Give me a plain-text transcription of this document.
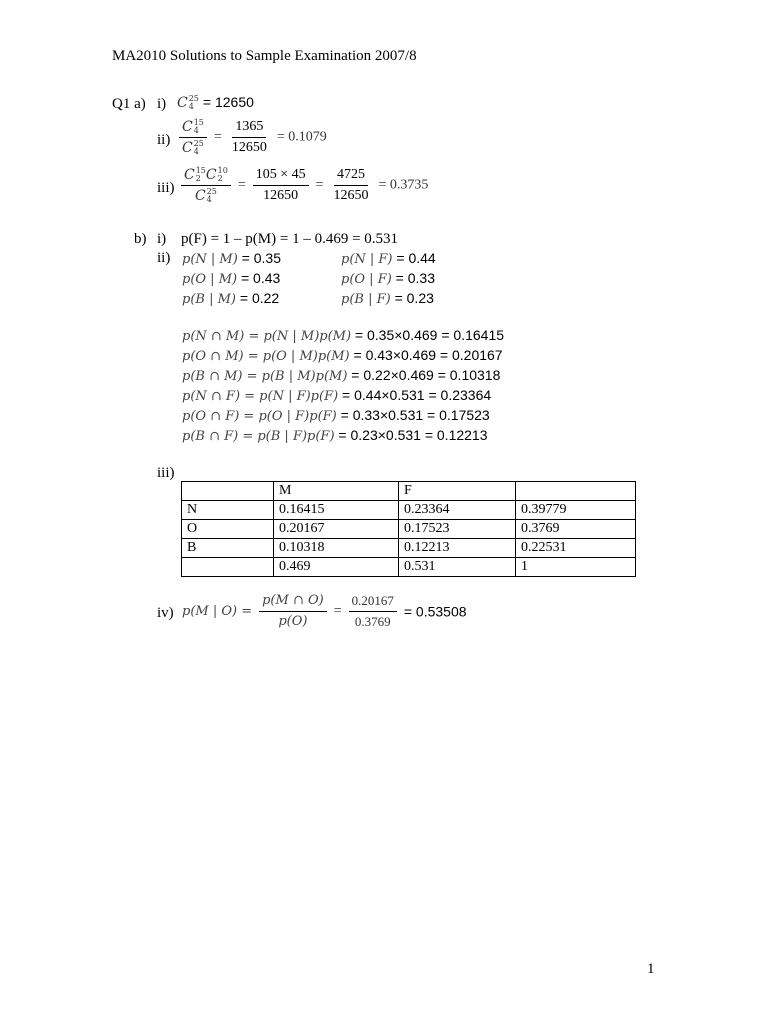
MA2010 Solutions to Sample Examination 2007/8
Q1 a) i) C 25
4 = 12650
ii) C 15
4
C 25
$4 = \frac{1365}{12650} = 0.1079$
iii) C 15
2 C 10
2
C 25
$4 = \frac{105 \times 45}{12650} = \frac{4725}{12650} = 0.3735$
b) i) p(F) = 1 – p(M) = 1 – 0.469 = 0.531
ii) p(N | M) = 0.35
p(O | M) = 0.43
p(B | M) = 0.22
p(N | F) = 0.44
p(O | F) = 0.33
p(B | F) = 0.23
p(N ∩ M) = p(N | M)p(M) = 0.35×0.469 = 0.16415
p(O ∩ M) = p(O | M)p(M) = 0.43×0.469 = 0.20167
p(B ∩ M) = p(B | M)p(M) = 0.22×0.469 = 0.10318
p(N ∩ F) = p(N | F)p(F) = 0.44×0.531 = 0.23364
p(O ∩ F) = p(O | F)p(F) = 0.33×0.531 = 0.17523
p(B ∩ F) = p(B | F)p(F) = 0.23×0.531 = 0.12213
iii)
	M	F	
N	0.16415	0.23364	0.39779
O	0.20167	0.17523	0.3769
B	0.10318	0.12213	0.22531
	0.469	0.531	1
iv) p(M | $O) = \frac{p(M \cap O)}{p(O)} = \frac{0.20167}{0.3769} = 0.53508$
1
